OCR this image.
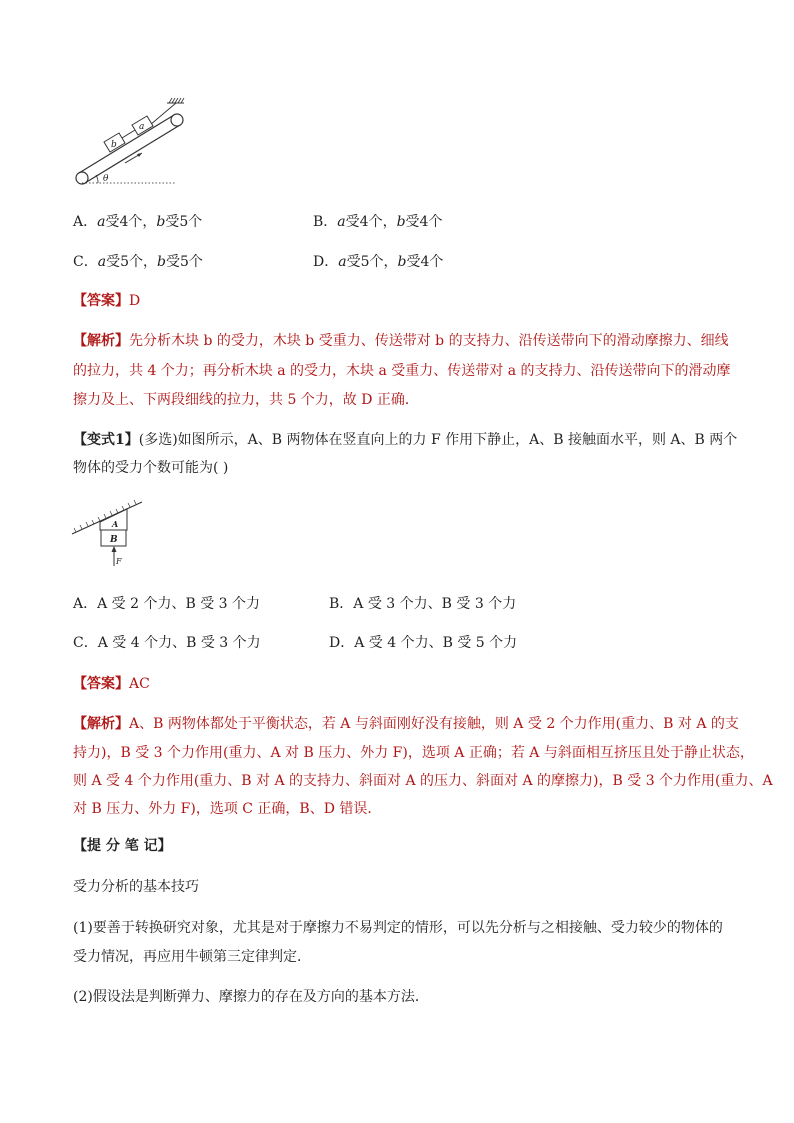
b
a
θ
A．a受4个，b受5个	B．a受4个，b受4个
C．a受5个，b受5个	D．a受5个，b受4个
【答案】D
【解析】先分析木块 b 的受力，木块 b 受重力、传送带对 b 的支持力、沿传送带向下的滑动摩擦力、细线
的拉力，共 4 个力；再分析木块 a 的受力，木块 a 受重力、传送带对 a 的支持力、沿传送带向下的滑动摩
擦力及上、下两段细线的拉力，共 5 个力，故 D 正确．
【变式1】(多选)如图所示，A、B 两物体在竖直向上的力 F 作用下静止，A、B 接触面水平，则 A、B 两个
物体的受力个数可能为( )
A
B
F
A．A 受 2 个力、B 受 3 个力	B．A 受 3 个力、B 受 3 个力
C．A 受 4 个力、B 受 3 个力	D．A 受 4 个力、B 受 5 个力
【答案】AC
【解析】A、B 两物体都处于平衡状态，若 A 与斜面刚好没有接触，则 A 受 2 个力作用(重力、B 对 A 的支
持力)，B 受 3 个力作用(重力、A 对 B 压力、外力 F)，选项 A 正确；若 A 与斜面相互挤压且处于静止状态，
则 A 受 4 个力作用(重力、B 对 A 的支持力、斜面对 A 的压力、斜面对 A 的摩擦力)，B 受 3 个力作用(重力、A
对 B 压力、外力 F)，选项 C 正确，B、D 错误．
【提 分 笔 记】
受力分析的基本技巧
(1)要善于转换研究对象，尤其是对于摩擦力不易判定的情形，可以先分析与之相接触、受力较少的物体的
受力情况，再应用牛顿第三定律判定．
(2)假设法是判断弹力、摩擦力的存在及方向的基本方法．
